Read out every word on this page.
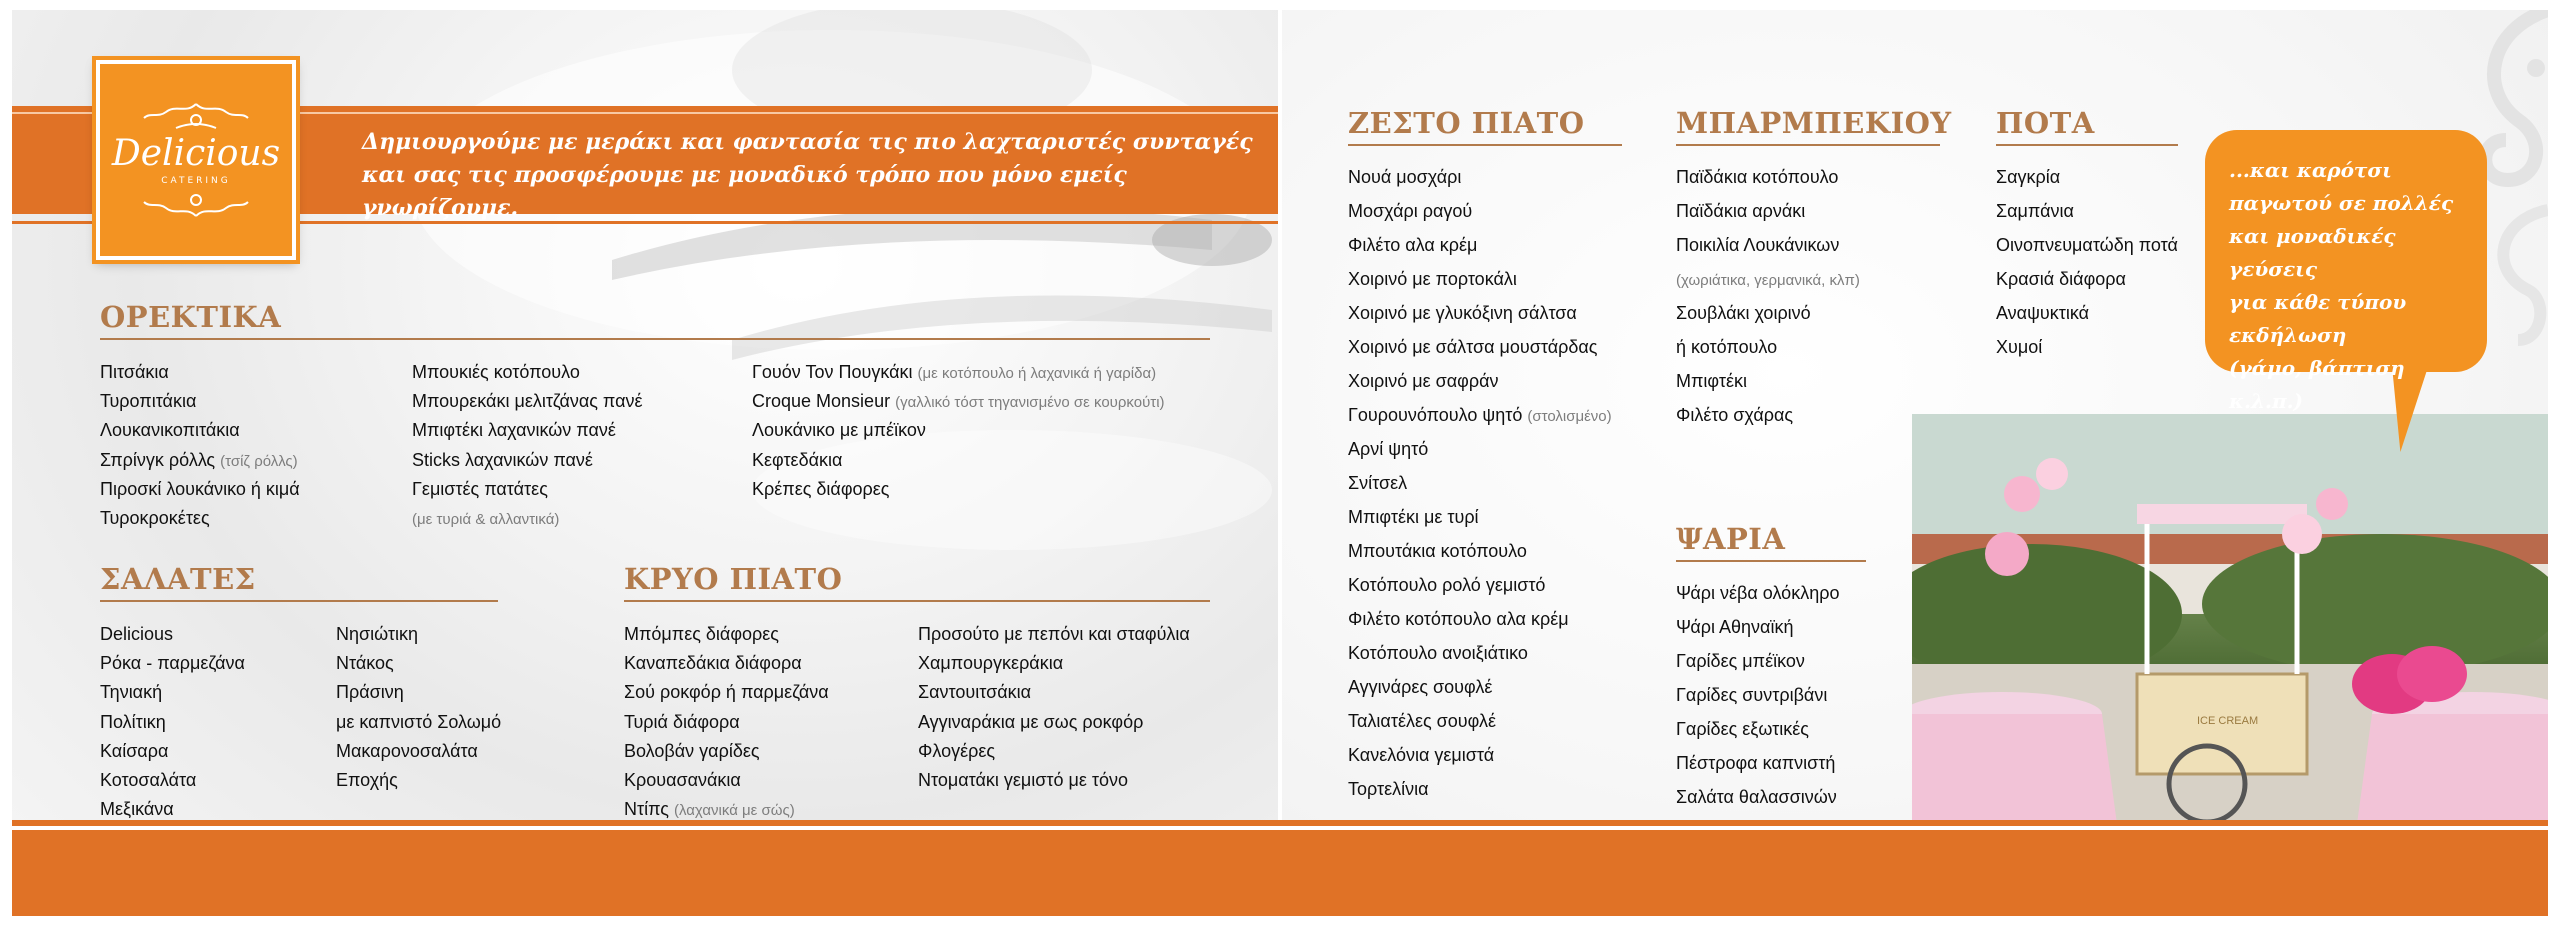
Δημιουργούμε με μεράκι και φαντασία τις πιο λαχταριστές συνταγές
και σας τις προσφέρουμε με μοναδικό τρόπο που μόνο εμείς γνωρίζουμε.
Delicious
CATERING
ΟΡΕΚΤΙΚΑ
Πιτσάκια
Τυροπιτάκια
Λουκανικοπιτάκια
Σπρίνγκ ρόλλς (τσίζ ρόλλς)
Πιροσκί λουκάνικο ή κιμά
Τυροκροκέτες
Μπουκιές κοτόπουλο
Μπουρεκάκι μελιτζάνας πανέ
Μπιφτέκι λαχανικών πανέ
Sticks λαχανικών πανέ
Γεμιστές πατάτες
(με τυριά & αλλαντικά)
Γουόν Τον Πουγκάκι (με κοτόπουλο ή λαχανικά ή γαρίδα)
Croque Monsieur (γαλλικό τόστ τηγανισμένο σε κουρκούτι)
Λουκάνικο με μπέϊκον
Κεφτεδάκια
Κρέπες διάφορες
ΣΑΛΑΤΕΣ
Delicious
Ρόκα - παρμεζάνα
Τηνιακή
Πολίτικη
Καίσαρα
Κοτοσαλάτα
Μεξικάνα
Νησιώτικη
Ντάκος
Πράσινη
με καπνιστό Σολωμό
Μακαρονοσαλάτα
Εποχής
ΚΡΥΟ ΠΙΑΤΟ
Μπόμπες διάφορες
Καναπεδάκια διάφορα
Σού ροκφόρ ή παρμεζάνα
Τυριά διάφορα
Βολοβάν γαρίδες
Κρουασανάκια
Ντίπς (λαχανικά με σώς)
Προσούτο με πεπόνι και σταφύλια
Χαμπουργκεράκια
Σαντουιτσάκια
Αγγιναράκια με σως ροκφόρ
Φλογέρες
Ντοματάκι γεμιστό με τόνο
ΖΕΣΤΟ ΠΙΑΤΟ
Νουά μοσχάρι
Μοσχάρι ραγού
Φιλέτο αλα κρέμ
Χοιρινό με πορτοκάλι
Χοιρινό με γλυκόξινη σάλτσα
Χοιρινό με σάλτσα μουστάρδας
Χοιρινό με σαφράν
Γουρουνόπουλο ψητό (στολισμένο)
Αρνί ψητό
Σνίτσελ
Μπιφτέκι με τυρί
Μπουτάκια κοτόπουλο
Κοτόπουλο ρολό γεμιστό
Φιλέτο κοτόπουλο αλα κρέμ
Κοτόπουλο ανοιξιάτικο
Αγγινάρες σουφλέ
Ταλιατέλες σουφλέ
Κανελόνια γεμιστά
Τορτελίνια
ΜΠΑΡΜΠΕΚΙΟΥ
Παϊδάκια κοτόπουλο
Παϊδάκια αρνάκι
Ποικιλία Λουκάνικων
(χωριάτικα, γερμανικά, κλπ)
Σουβλάκι χοιρινό
ή κοτόπουλο
Μπιφτέκι
Φιλέτο σχάρας
ΨΑΡΙΑ
Ψάρι νέβα ολόκληρο
Ψάρι Αθηναϊκή
Γαρίδες μπέϊκον
Γαρίδες συντριβάνι
Γαρίδες εξωτικές
Πέστροφα καπνιστή
Σαλάτα θαλασσινών
ΠΟΤΑ
Σαγκρία
Σαμπάνια
Οινοπνευματώδη ποτά
Κρασιά διάφορα
Αναψυκτικά
Χυμοί
ICE CREAM
...και καρότσι
παγωτού σε πολλές
και μοναδικές γεύσεις
για κάθε τύπου
εκδήλωση
(γάμο, βάπτιση κ.λ.π.)
